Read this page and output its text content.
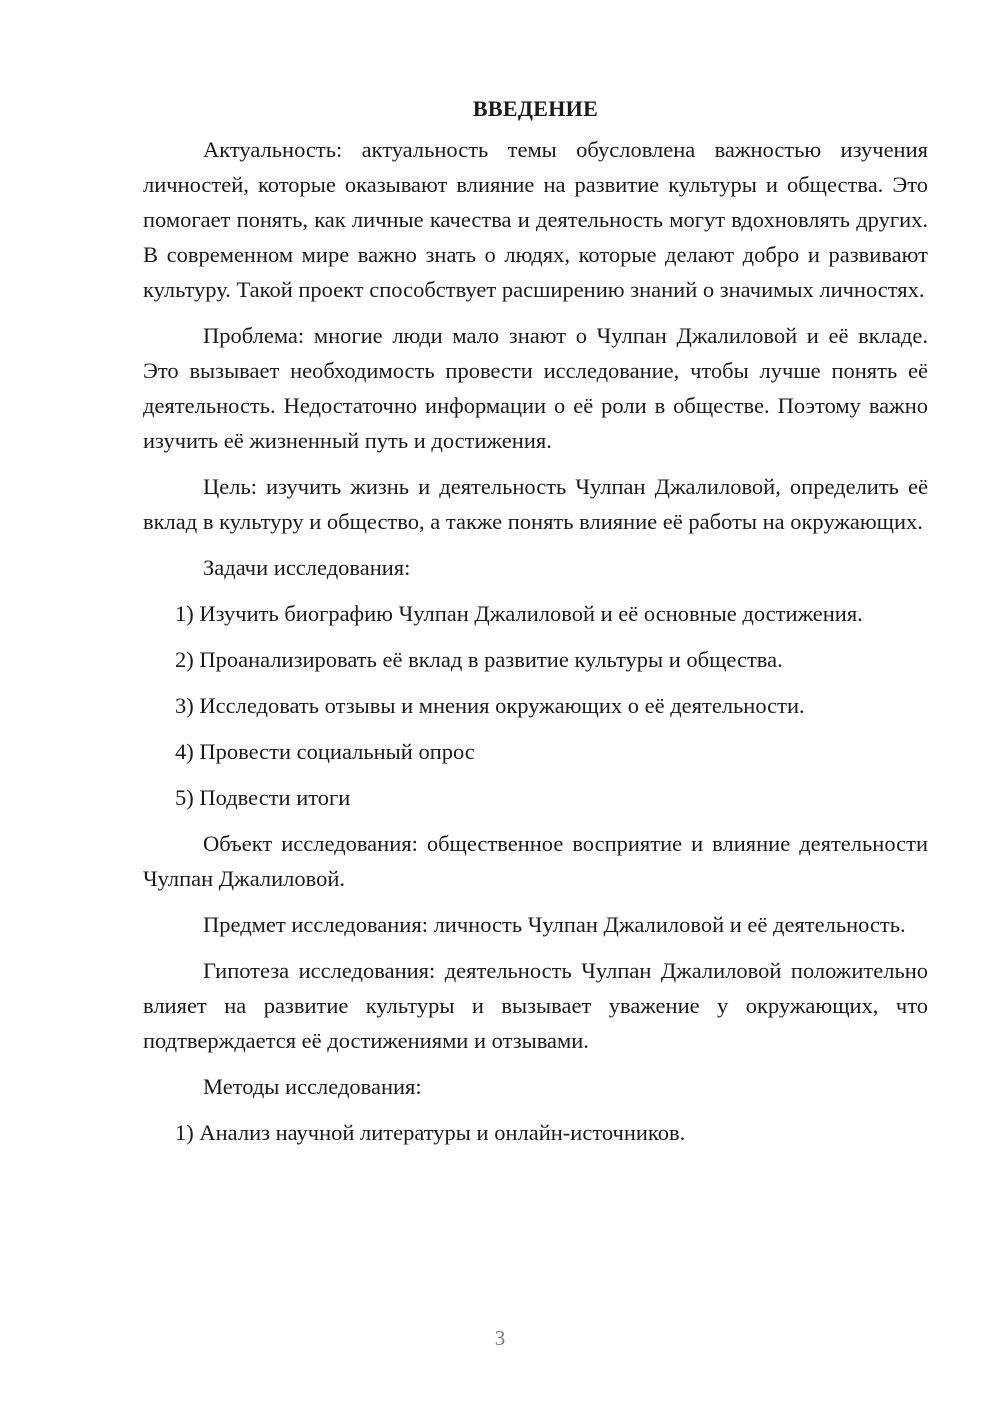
ВВЕДЕНИЕ

Актуальность: актуальность темы обусловлена важностью изучения личностей, которые оказывают влияние на развитие культуры и общества. Это помогает понять, как личные качества и деятельность могут вдохновлять других. В современном мире важно знать о людях, которые делают добро и развивают культуру. Такой проект способствует расширению знаний о значимых личностях.

Проблема: многие люди мало знают о Чулпан Джалиловой и её вкладе. Это вызывает необходимость провести исследование, чтобы лучше понять её деятельность. Недостаточно информации о её роли в обществе. Поэтому важно изучить её жизненный путь и достижения.

Цель: изучить жизнь и деятельность Чулпан Джалиловой, определить её вклад в культуру и общество, а также понять влияние её работы на окружающих.

Задачи исследования:

1) Изучить биографию Чулпан Джалиловой и её основные достижения.

2) Проанализировать её вклад в развитие культуры и общества.

3) Исследовать отзывы и мнения окружающих о её деятельности.

4) Провести социальный опрос

5) Подвести итоги

Объект исследования: общественное восприятие и влияние деятельности Чулпан Джалиловой.

Предмет исследования: личность Чулпан Джалиловой и её деятельность.

Гипотеза исследования: деятельность Чулпан Джалиловой положительно влияет на развитие культуры и вызывает уважение у окружающих, что подтверждается её достижениями и отзывами.

Методы исследования:

1) Анализ научной литературы и онлайн-источников.

3
